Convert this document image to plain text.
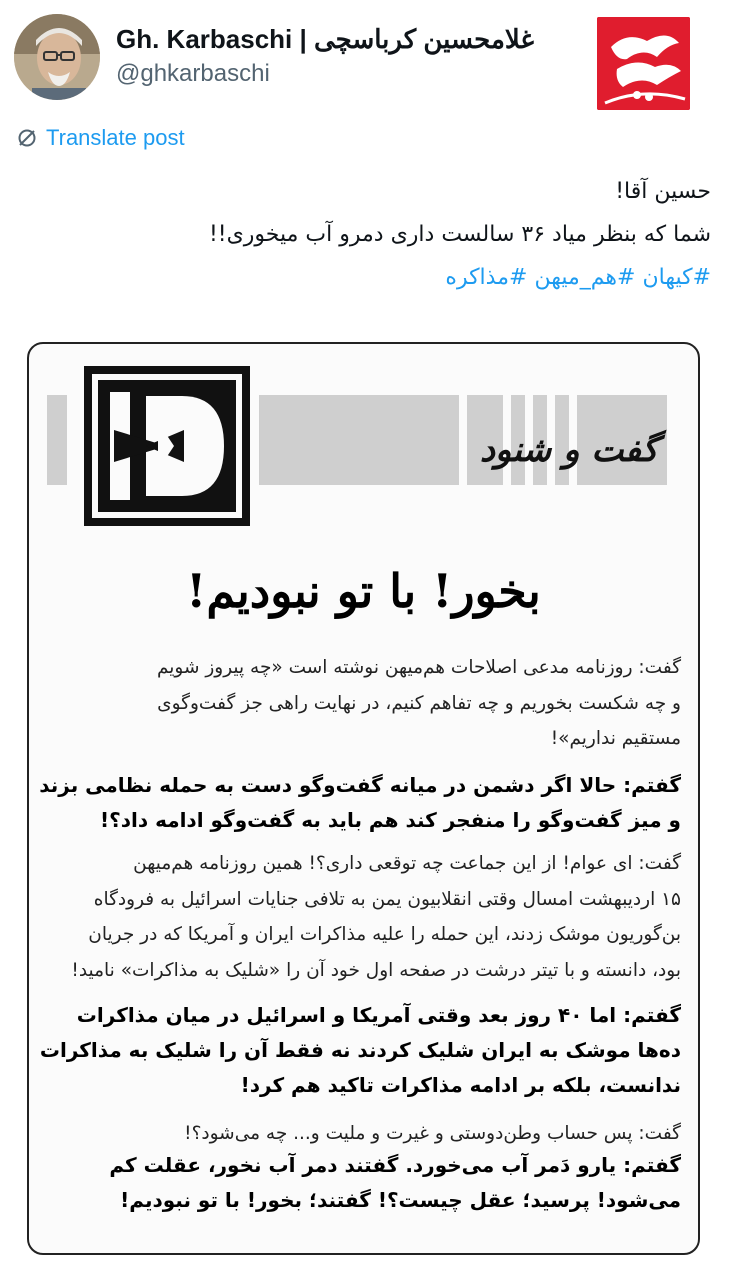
Gh. Karbaschi | غلامحسین کرباسچی
@ghkarbaschi
Translate post
حسین آقا!
شما که بنظر میاد ۳۶ سالست داری دمرو آب میخوری!!
#کیهان #هم_میهن #مذاکره
گفت و شنود
بخور! با تو نبودیم!
گفت: روزنامه مدعی اصلاحات هم‌میهن نوشته است «چه پیروز شویم
و چه شکست بخوریم و چه تفاهم کنیم، در نهایت راهی جز گفت‌وگوی
مستقیم نداریم»!
گفتم: حالا اگر دشمن در میانه گفت‌وگو دست به حمله نظامی بزند
و میز گفت‌وگو را منفجر کند هم باید به گفت‌وگو ادامه داد؟!
گفت: ای عوام! از این جماعت چه توقعی داری؟! همین روزنامه هم‌میهن
۱۵ اردیبهشت امسال وقتی انقلابیون یمن به تلافی جنایات اسرائیل به فرودگاه
بن‌گوریون موشک زدند، این حمله را علیه مذاکرات ایران و آمریکا که در جریان
بود، دانسته و با تیتر درشت در صفحه اول خود آن را «شلیک به مذاکرات» نامید!
گفتم: اما ۴۰ روز بعد وقتی آمریکا و اسرائیل در میان مذاکرات
ده‌ها موشک به ایران شلیک کردند نه فقط آن را شلیک به مذاکرات
ندانست، بلکه بر ادامه مذاکرات تاکید هم کرد!
گفت: پس حساب وطن‌دوستی و غیرت و ملیت و... چه می‌شود؟!
گفتم: یارو دَمر آب می‌خورد. گفتند دمر آب نخور، عقلت کم
می‌شود! پرسید؛ عقل چیست؟! گفتند؛ بخور! با تو نبودیم!
